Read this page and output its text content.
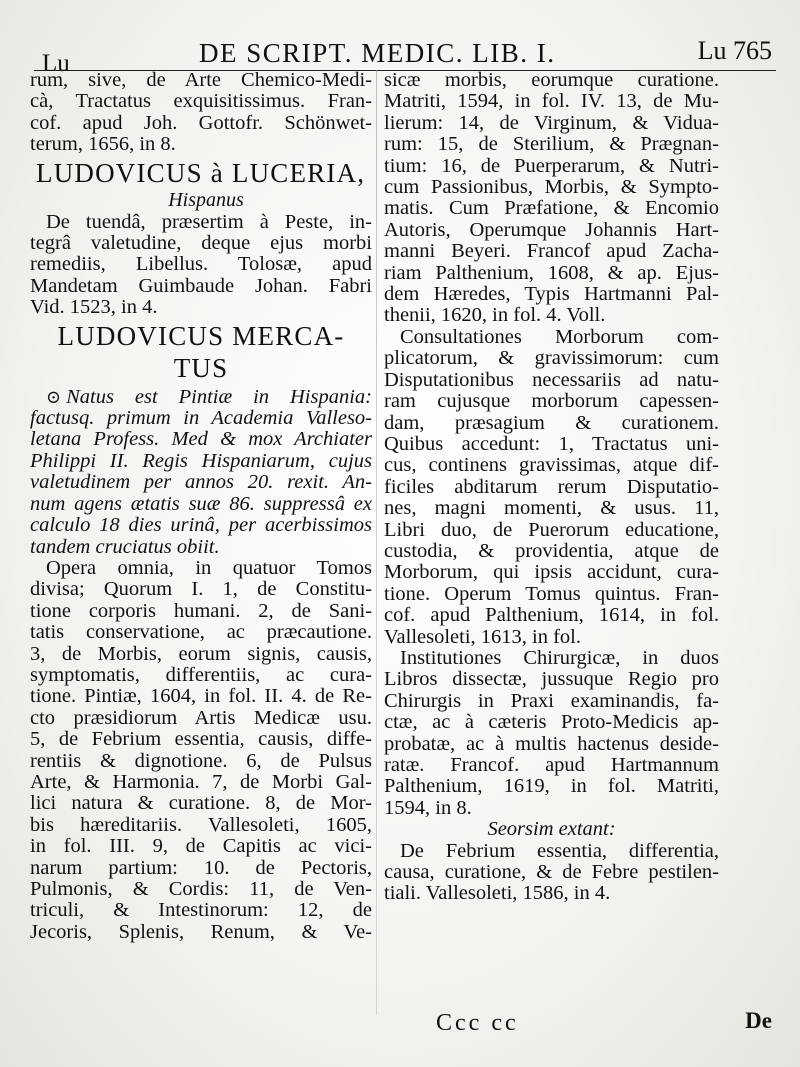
Lu	DE SCRIPT. MEDIC. LIB. I.	Lu 765
rum, sive, de Arte Chemico-Medi-
cà, Tractatus exquisitissimus. Fran-
cof. apud Joh. Gottofr. Schönwet-
terum, 1656, in 8.
LUDOVICUS à LUCERIA,
Hispanus
De tuendâ, præsertim à Peste, in-
tegrâ valetudine, deque ejus morbi
remediis, Libellus. Tolosæ, apud
Mandetam Guimbaude Johan. Fabri
Vid. 1523, in 4.
LUDOVICUS MERCA-
TUS
⊙ Natus est Pintiæ in Hispania:
factusq. primum in Academia Valleso-
letana Profess. Med & mox Archiater
Philippi II. Regis Hispaniarum, cujus
valetudinem per annos 20. rexit. An-
num agens ætatis suæ 86. suppressâ ex
calculo 18 dies urinâ, per acerbissimos
tandem cruciatus obiit.
Opera omnia, in quatuor Tomos
divisa; Quorum I. 1, de Constitu-
tione corporis humani. 2, de Sani-
tatis conservatione, ac præcautione.
3, de Morbis, eorum signis, causis,
symptomatis, differentiis, ac cura-
tione. Pintiæ, 1604, in fol. II. 4. de Re-
cto præsidiorum Artis Medicæ usu.
5, de Febrium essentia, causis, diffe-
rentiis & dignotione. 6, de Pulsus
Arte, & Harmonia. 7, de Morbi Gal-
lici natura & curatione. 8, de Mor-
bis hæreditariis. Vallesoleti, 1605,
in fol. III. 9, de Capitis ac vici-
narum partium: 10. de Pectoris,
Pulmonis, & Cordis: 11, de Ven-
triculi, & Intestinorum: 12, de
Jecoris, Splenis, Renum, & Ve-
sicæ morbis, eorumque curatione.
Matriti, 1594, in fol. IV. 13, de Mu-
lierum: 14, de Virginum, & Vidua-
rum: 15, de Sterilium, & Prægnan-
tium: 16, de Puerperarum, & Nutri-
cum Passionibus, Morbis, & Sympto-
matis. Cum Præfatione, & Encomio
Autoris, Operumque Johannis Hart-
manni Beyeri. Francof apud Zacha-
riam Palthenium, 1608, & ap. Ejus-
dem Hæredes, Typis Hartmanni Pal-
thenii, 1620, in fol. 4. Voll.
Consultationes Morborum com-
plicatorum, & gravissimorum: cum
Disputationibus necessariis ad natu-
ram cujusque morborum capessen-
dam, præsagium & curationem.
Quibus accedunt: 1, Tractatus uni-
cus, continens gravissimas, atque dif-
ficiles abditarum rerum Disputatio-
nes, magni momenti, & usus. 11,
Libri duo, de Puerorum educatione,
custodia, & providentia, atque de
Morborum, qui ipsis accidunt, cura-
tione. Operum Tomus quintus. Fran-
cof. apud Palthenium, 1614, in fol.
Vallesoleti, 1613, in fol.
Institutiones Chirurgicæ, in duos
Libros dissectæ, jussuque Regio pro
Chirurgis in Praxi examinandis, fa-
ctæ, ac à cæteris Proto-Medicis ap-
probatæ, ac à multis hactenus deside-
ratæ. Francof. apud Hartmannum
Palthenium, 1619, in fol. Matriti,
1594, in 8.
Seorsim extant:
De Febrium essentia, differentia,
causa, curatione, & de Febre pestilen-
tiali. Vallesoleti, 1586, in 4.
Ccc cc	De
